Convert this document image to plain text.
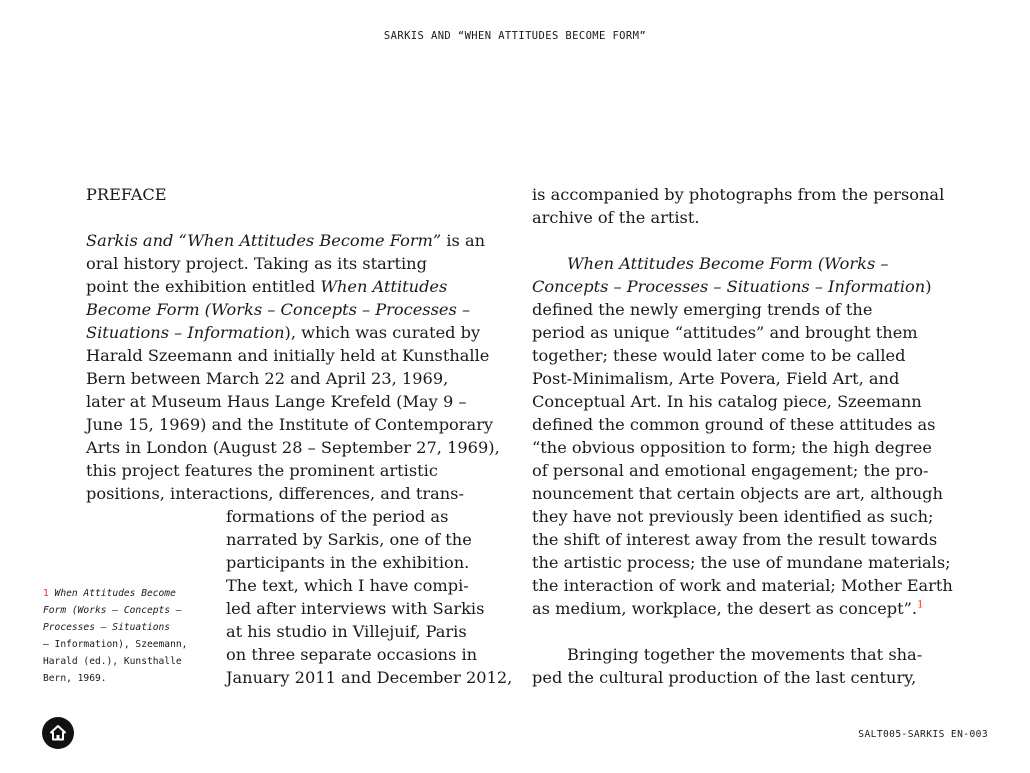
SARKIS AND “WHEN ATTITUDES BECOME FORM”
PREFACE
Sarkis and “When Attitudes Become Form” is an
oral history project. Taking as its starting
point the exhibition entitled When Attitudes
Become Form (Works – Concepts – Processes –
Situations – Information), which was curated by
Harald Szeemann and initially held at Kunsthalle
Bern between March 22 and April 23, 1969,
later at Museum Haus Lange Krefeld (May 9 –
June 15, 1969) and the Institute of Contemporary
Arts in London (August 28 – September 27, 1969),
this project features the prominent artistic
positions, interactions, differences, and trans-
formations of the period as
narrated by Sarkis, one of the
participants in the exhibition.
The text, which I have compi-
led after interviews with Sarkis
at his studio in Villejuif, Paris
on three separate occasions in
January 2011 and December 2012,
1 When Attitudes Become
Form (Works – Concepts –
Processes – Situations
– Information), Szeemann,
Harald (ed.), Kunsthalle
Bern, 1969.
is accompanied by photographs from the personal
archive of the artist.
When Attitudes Become Form (Works –
Concepts – Processes – Situations – Information)
defined the newly emerging trends of the
period as unique “attitudes” and brought them
together; these would later come to be called
Post-Minimalism, Arte Povera, Field Art, and
Conceptual Art. In his catalog piece, Szeemann
defined the common ground of these attitudes as
“the obvious opposition to form; the high degree
of personal and emotional engagement; the pro-
nouncement that certain objects are art, although
they have not previously been identified as such;
the shift of interest away from the result towards
the artistic process; the use of mundane materials;
the interaction of work and material; Mother Earth
as medium, workplace, the desert as concept”.$^1$
Bringing together the movements that sha-
ped the cultural production of the last century,
SALT005-SARKIS EN-003
